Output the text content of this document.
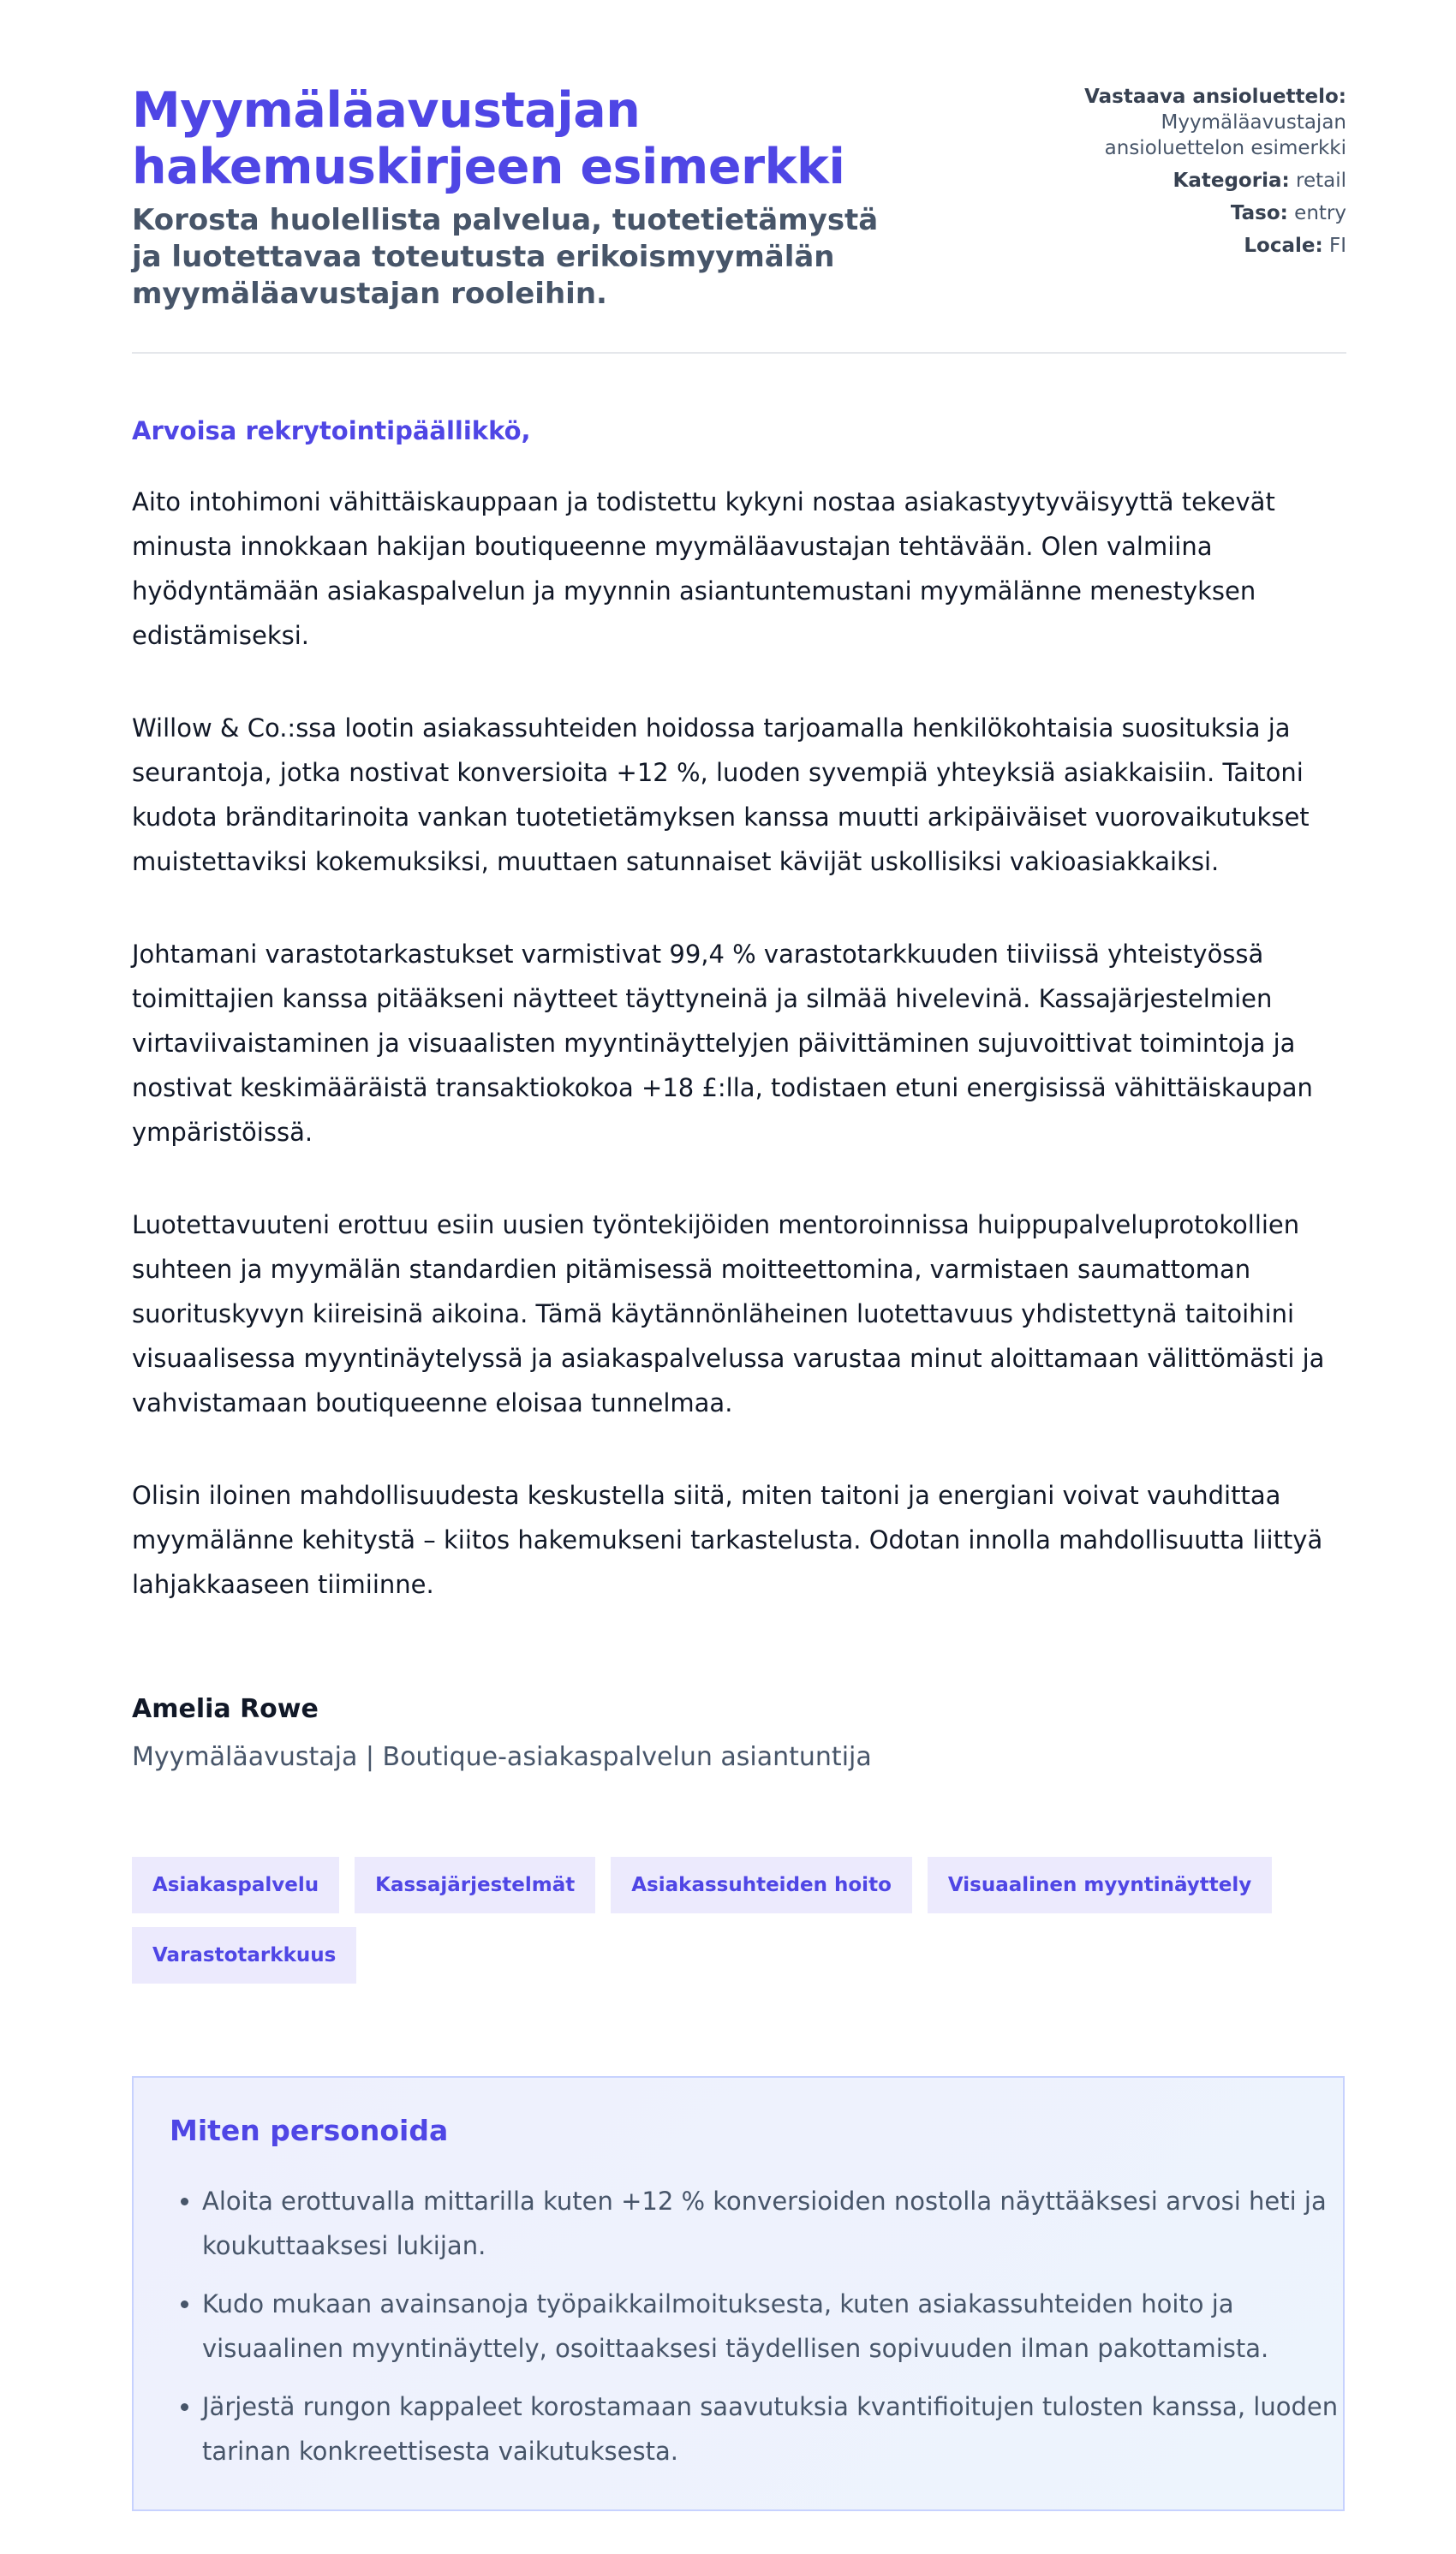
Myymäläavustajan hakemuskirjeen esimerkki
Korosta huolellista palvelua, tuotetietämystä ja luotettavaa toteutusta erikoismyymälän myymäläavustajan rooleihin.
Vastaava ansioluettelo:
Myymäläavustajan ansioluettelon esimerkki
Kategoria: retail
Taso: entry
Locale: FI

Arvoisa rekrytointipäällikkö,

Aito intohimoni vähittäiskauppaan ja todistettu kykyni nostaa asiakastyytyväisyyttä tekevät minusta innokkaan hakijan boutiqueenne myymäläavustajan tehtävään. Olen valmiina hyödyntämään asiakaspalvelun ja myynnin asiantuntemustani myymälänne menestyksen edistämiseksi.

Willow & Co.:ssa lootin asiakassuhteiden hoidossa tarjoamalla henkilökohtaisia suosituksia ja seurantoja, jotka nostivat konversioita +12 %, luoden syvempiä yhteyksiä asiakkaisiin. Taitoni kudota bränditarinoita vankan tuotetietämyksen kanssa muutti arkipäiväiset vuorovaikutukset muistettaviksi kokemuksiksi, muuttaen satunnaiset kävijät uskollisiksi vakioasiakkaiksi.

Johtamani varastotarkastukset varmistivat 99,4 % varastotarkkuuden tiiviissä yhteistyössä toimittajien kanssa pitääkseni näytteet täyttyneinä ja silmää hivelevinä. Kassajärjestelmien virtaviivaistaminen ja visuaalisten myyntinäyttelyjen päivittäminen sujuvoittivat toimintoja ja nostivat keskimääräistä transaktiokokoa +18 £:lla, todistaen etuni energisissä vähittäiskaupan ympäristöissä.

Luotettavuuteni erottuu esiin uusien työntekijöiden mentoroinnissa huippupalveluprotokollien suhteen ja myymälän standardien pitämisessä moitteettomina, varmistaen saumattoman suorituskyvyn kiireisinä aikoina. Tämä käytännönläheinen luotettavuus yhdistettynä taitoihini visuaalisessa myyntinäytelyssä ja asiakaspalvelussa varustaa minut aloittamaan välittömästi ja vahvistamaan boutiqueenne eloisaa tunnelmaa.

Olisin iloinen mahdollisuudesta keskustella siitä, miten taitoni ja energiani voivat vauhdittaa myymälänne kehitystä – kiitos hakemukseni tarkastelusta. Odotan innolla mahdollisuutta liittyä lahjakkaaseen tiimiinne.

Amelia Rowe

Myymäläavustaja | Boutique-asiakaspalvelun asiantuntija

Asiakaspalvelu	Kassajärjestelmät	Asiakassuhteiden hoito	Visuaalinen myyntinäyttely
Varastotarkkuus
Miten personoida
• Aloita erottuvalla mittarilla kuten +12 % konversioiden nostolla näyttääksesi arvosi heti ja koukuttaaksesi lukijan.
• Kudo mukaan avainsanoja työpaikkailmoituksesta, kuten asiakassuhteiden hoito ja visuaalinen myyntinäyttely, osoittaaksesi täydellisen sopivuuden ilman pakottamista.
• Järjestä rungon kappaleet korostamaan saavutuksia kvantifioitujen tulosten kanssa, luoden tarinan konkreettisesta vaikutuksesta.
